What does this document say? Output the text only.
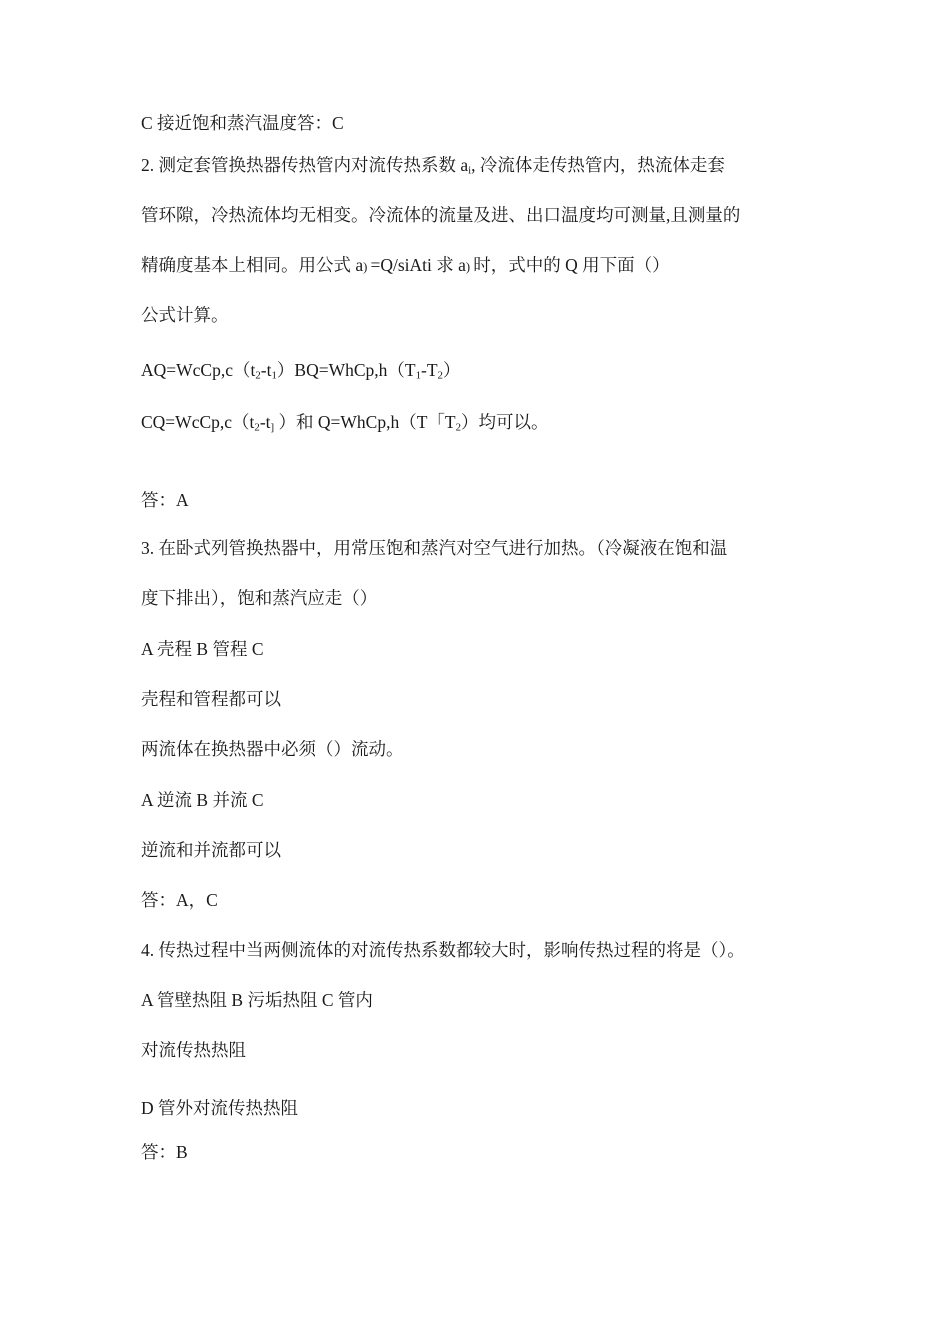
C 接近饱和蒸汽温度答：C
2. 测定套管换热器传热管内对流传热系数 $a_i$, 冷流体走传热管内，热流体走套
管环隙，冷热流体均无相变。冷流体的流量及进、出口温度均可测量,且测量的
精确度基本上相同。用公式 a) =Q/siAti 求 a) 时，式中的 Q 用下面（）
公式计算。
$AQ=WcCp,c(t_2-t_1)BQ=WhCp,h(T_1-T_2)$
$CQ=WcCp,c(t_2-t_]$ ）和 Q=WhCp,h（T「$T_2$）均可以。
答：A
3. 在卧式列管换热器中，用常压饱和蒸汽对空气进行加热。（冷凝液在饱和温
度下排出），饱和蒸汽应走（）
A 壳程 B 管程 C
壳程和管程都可以
两流体在换热器中必须（）流动。
A 逆流 B 并流 C
逆流和并流都可以
答：A，C
4. 传热过程中当两侧流体的对流传热系数都较大时，影响传热过程的将是（）。
A 管壁热阻 B 污垢热阻 C 管内
对流传热热阻
D 管外对流传热热阻
答：B
